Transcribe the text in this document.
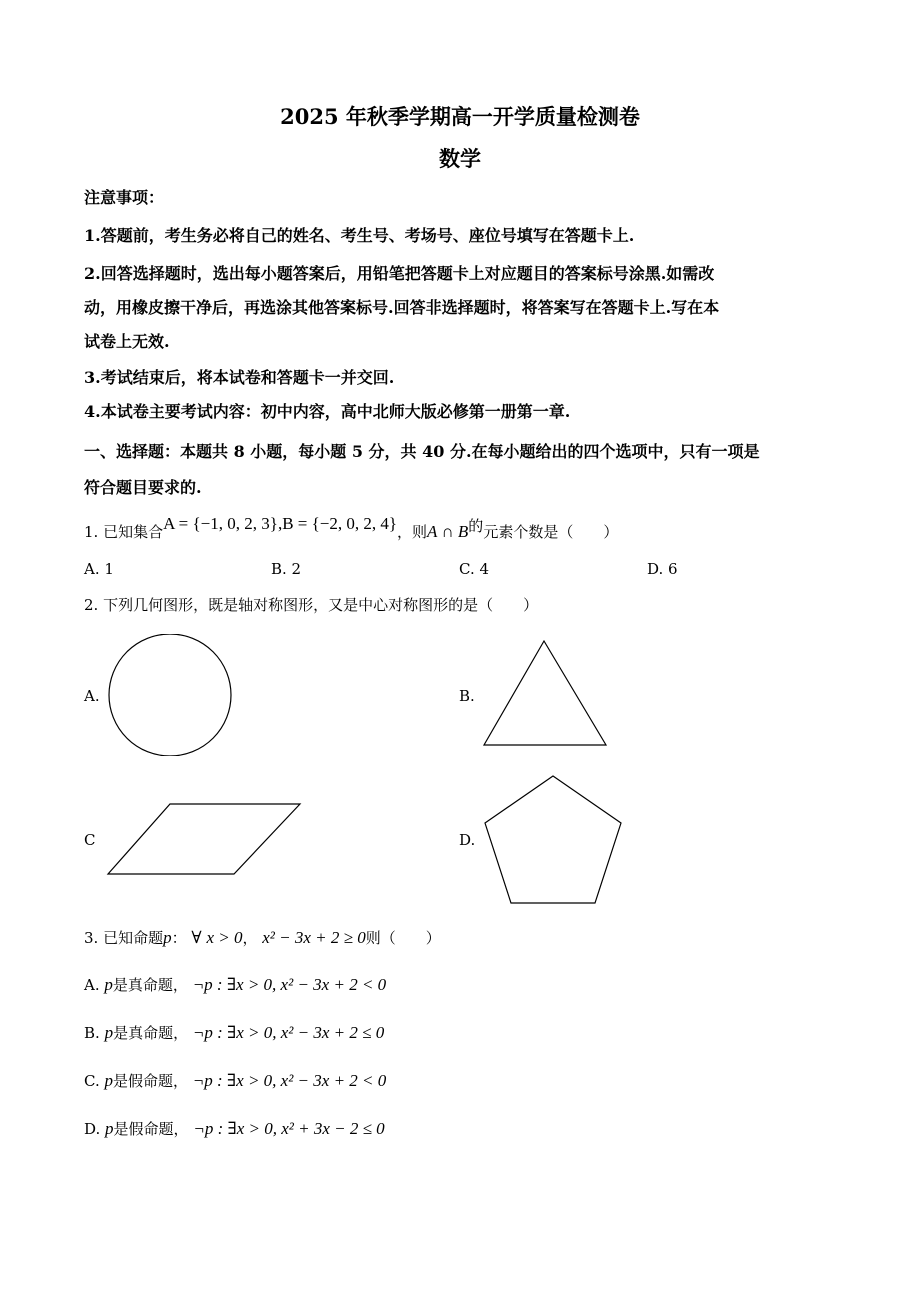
2025 年秋季学期高一开学质量检测卷
数学
注意事项：
1.答题前，考生务必将自己的姓名、考生号、考场号、座位号填写在答题卡上.
2.回答选择题时，选出每小题答案后，用铅笔把答题卡上对应题目的答案标号涂黑.如需改
动，用橡皮擦干净后，再选涂其他答案标号.回答非选择题时，将答案写在答题卡上.写在本
试卷上无效.
3.考试结束后，将本试卷和答题卡一并交回.
4.本试卷主要考试内容：初中内容，高中北师大版必修第一册第一章.
一、选择题：本题共 8 小题，每小题 5 分，共 40 分.在每小题给出的四个选项中，只有一项是
符合题目要求的.
1. 已知集合A = {−1, 0, 2, 3},B = {−2, 0, 2, 4}，则A ∩ B的元素个数是（　　）
A. 1	B. 2	C. 4	D. 6
2. 下列几何图形，既是轴对称图形，又是中心对称图形的是（　　）
A.	B.
C	D.
3. 已知命题p： ∀ x > 0， x² − 3x + 2 ≥ 0则（　　）
A. p是真命题， ¬p : ∃x > 0, x² − 3x + 2 < 0
B. p是真命题， ¬p : ∃x > 0, x² − 3x + 2 ≤ 0
C. p是假命题， ¬p : ∃x > 0, x² − 3x + 2 < 0
D. p是假命题， ¬p : ∃x > 0, x² + 3x − 2 ≤ 0
